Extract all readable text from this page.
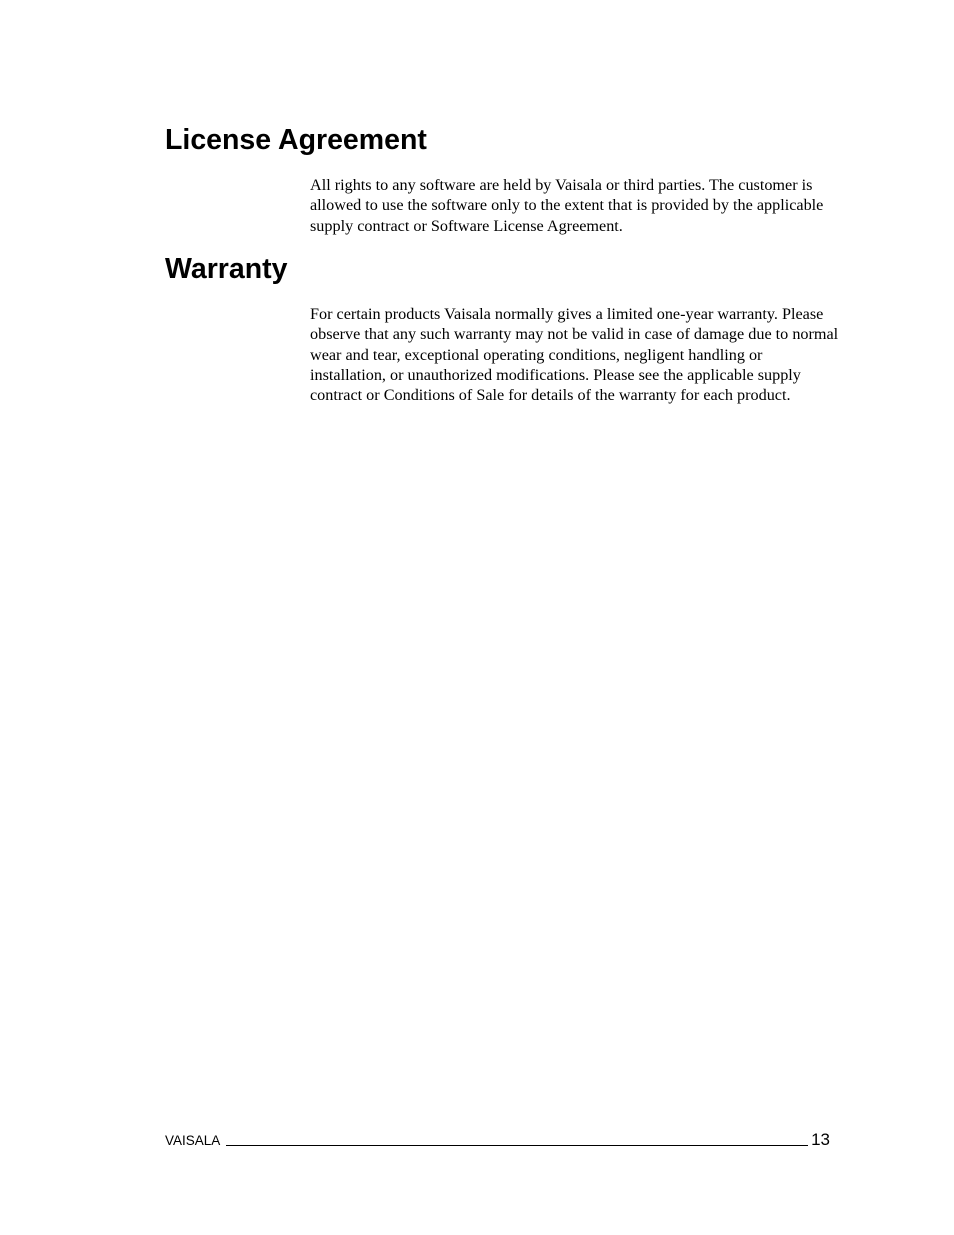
License Agreement

All rights to any software are held by Vaisala or third parties. The customer is allowed to use the software only to the extent that is provided by the applicable supply contract or Software License Agreement.

Warranty

For certain products Vaisala normally gives a limited one-year warranty. Please observe that any such warranty may not be valid in case of damage due to normal wear and tear, exceptional operating conditions, negligent handling or installation, or unauthorized modifications. Please see the applicable supply contract or Conditions of Sale for details of the warranty for each product.

VAISALA	13
